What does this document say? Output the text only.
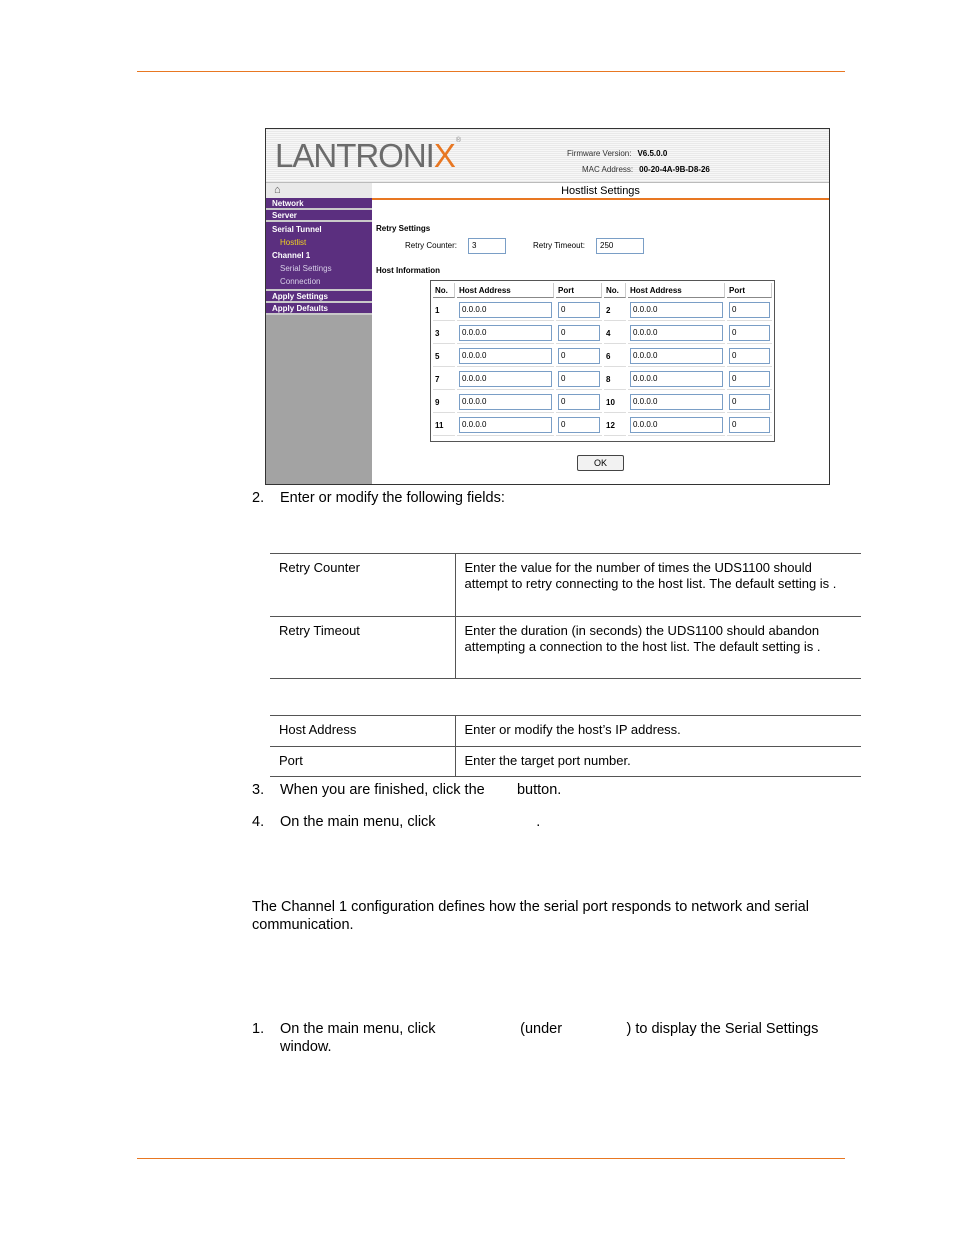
LANTRONIX®
Firmware Version: V6.5.0.0
MAC Address: 00-20-4A-9B-D8-26
⌂
Network
Server
Serial Tunnel
Hostlist
Channel 1
Serial Settings
Connection
Apply Settings
Apply Defaults
Hostlist Settings
Retry Settings
Retry Counter:	3	Retry Timeout:	250
Host Information
No.	Host Address	Port	No.	Host Address	Port
1	0.0.0.0	0	2	0.0.0.0	0

3	0.0.0.0	0	4	0.0.0.0	0

5	0.0.0.0	0	6	0.0.0.0	0

7	0.0.0.0	0	8	0.0.0.0	0

9	0.0.0.0	0	10	0.0.0.0	0

11	0.0.0.0	0	12	0.0.0.0	0
OK
2. Enter or modify the following fields:
Retry Counter	Enter the value for the number of times the UDS1100 should attempt to retry connecting to the host list. The default setting is .
Retry Timeout	Enter the duration (in seconds) the UDS1100 should abandon attempting a connection to the host list. The default setting is .
Host Address	Enter or modify the host’s IP address.
Port	Enter the target port number.
3. When you are finished, click the        button.
4. On the main menu, click                         .
The Channel 1 configuration defines how the serial port responds to network and serial communication.
1. On the main menu, click                     (under                ) to display the Serial Settings window.
